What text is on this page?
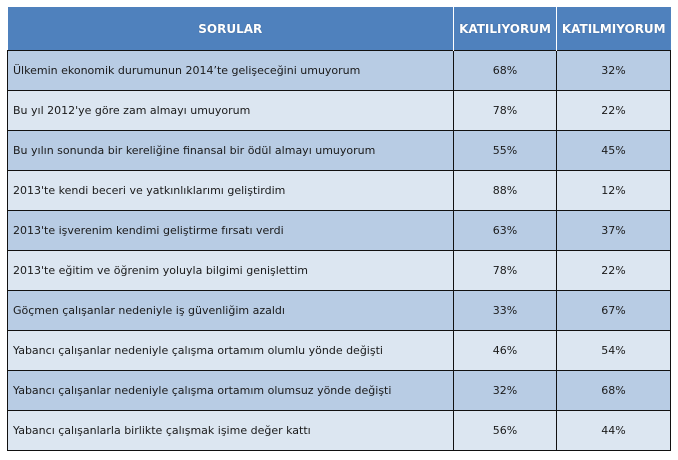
SORULAR	KATILIYORUM	KATILMIYORUM
Ülkemin ekonomik durumunun 2014’te gelişeceğini umuyorum	68%	32%
Bu yıl 2012'ye göre zam almayı umuyorum	78%	22%
Bu yılın sonunda bir kereliğine finansal bir ödül almayı umuyorum	55%	45%
2013'te kendi beceri ve yatkınlıklarımı geliştirdim	88%	12%
2013'te işverenim kendimi geliştirme fırsatı verdi	63%	37%
2013'te eğitim ve öğrenim yoluyla bilgimi genişlettim	78%	22%
Göçmen çalışanlar nedeniyle iş güvenliğim azaldı	33%	67%
Yabancı çalışanlar nedeniyle çalışma ortamım olumlu yönde değişti	46%	54%
Yabancı çalışanlar nedeniyle çalışma ortamım olumsuz yönde değişti	32%	68%
Yabancı çalışanlarla birlikte çalışmak işime değer kattı	56%	44%
